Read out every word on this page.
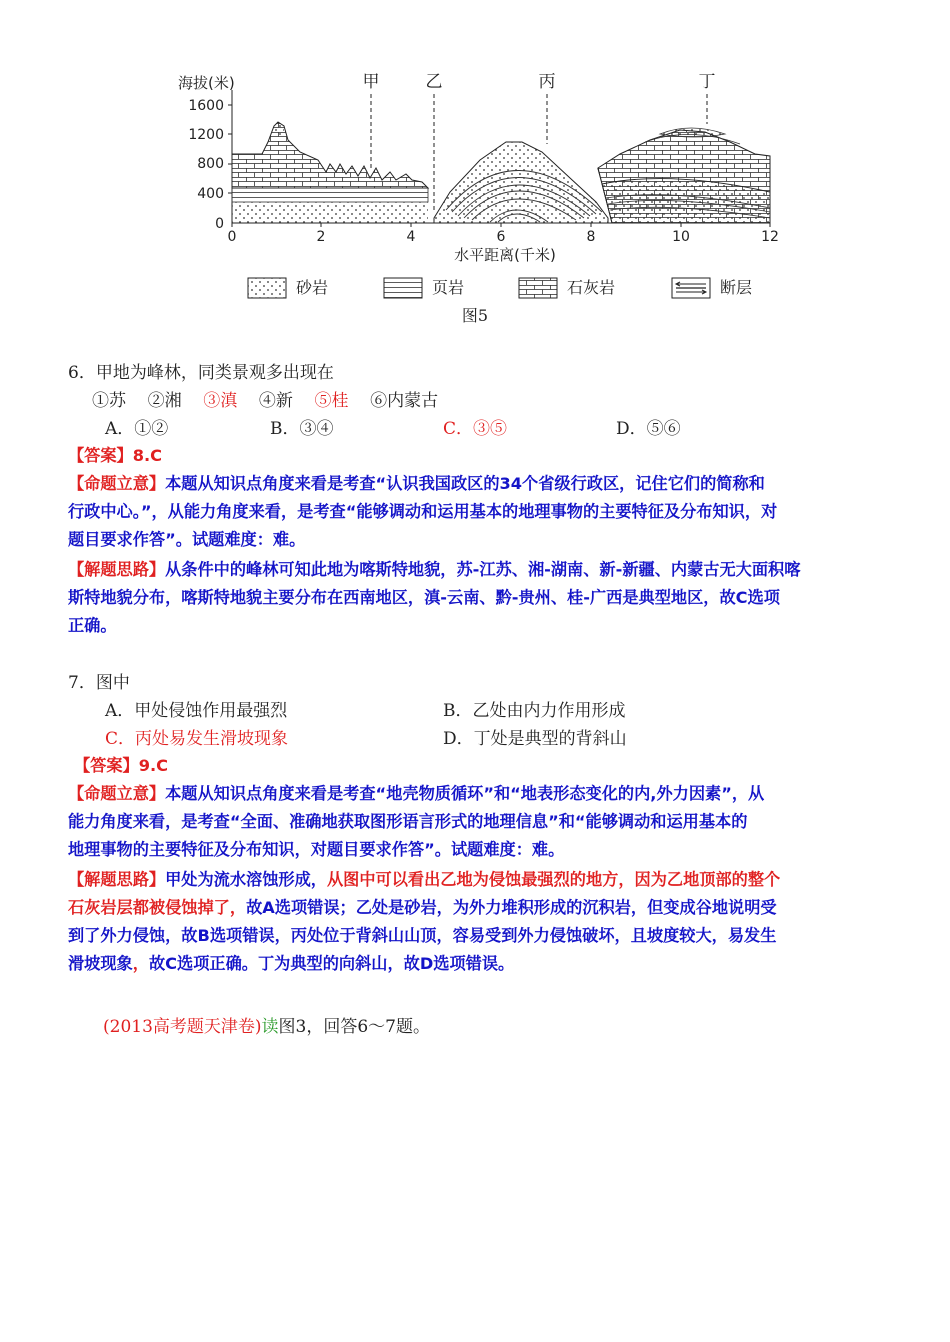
海拔(米)
1600
1200
800
400
0
0	2	4	6	8	10	12
水平距离(千米)
甲	乙	丙	丁
砂岩	页岩	石灰岩	断层
图5
6．甲地为峰林，同类景观多出现在
①苏 ②湘 ③滇 ④新 ⑤桂 ⑥内蒙古
A．①②	B．③④	C．③⑤	D．⑤⑥
【答案】8.C
【命题立意】本题从知识点角度来看是考查“认识我国政区的34个省级行政区，记住它们的简称和
行政中心。”，从能力角度来看，是考查“能够调动和运用基本的地理事物的主要特征及分布知识，对
题目要求作答”。试题难度：难。
【解题思路】从条件中的峰林可知此地为喀斯特地貌，苏-江苏、湘-湖南、新-新疆、内蒙古无大面积喀
斯特地貌分布，喀斯特地貌主要分布在西南地区，滇-云南、黔-贵州、桂-广西是典型地区，故C选项
正确。
7．图中
A．甲处侵蚀作用最强烈	B．乙处由内力作用形成
C．丙处易发生滑坡现象	D．丁处是典型的背斜山
【答案】9.C
【命题立意】本题从知识点角度来看是考查“地壳物质循环”和“地表形态变化的内,外力因素”，从
能力角度来看，是考查“全面、准确地获取图形语言形式的地理信息”和“能够调动和运用基本的
地理事物的主要特征及分布知识，对题目要求作答”。试题难度：难。
【解题思路】甲处为流水溶蚀形成，从图中可以看出乙地为侵蚀最强烈的地方，因为乙地顶部的整个
石灰岩层都被侵蚀掉了，故A选项错误；乙处是砂岩，为外力堆积形成的沉积岩，但变成谷地说明受
到了外力侵蚀，故B选项错误，丙处位于背斜山山顶，容易受到外力侵蚀破坏，且坡度较大，易发生
滑坡现象，故C选项正确。丁为典型的向斜山，故D选项错误。
(2013高考题天津卷)读图3，回答6～7题。
